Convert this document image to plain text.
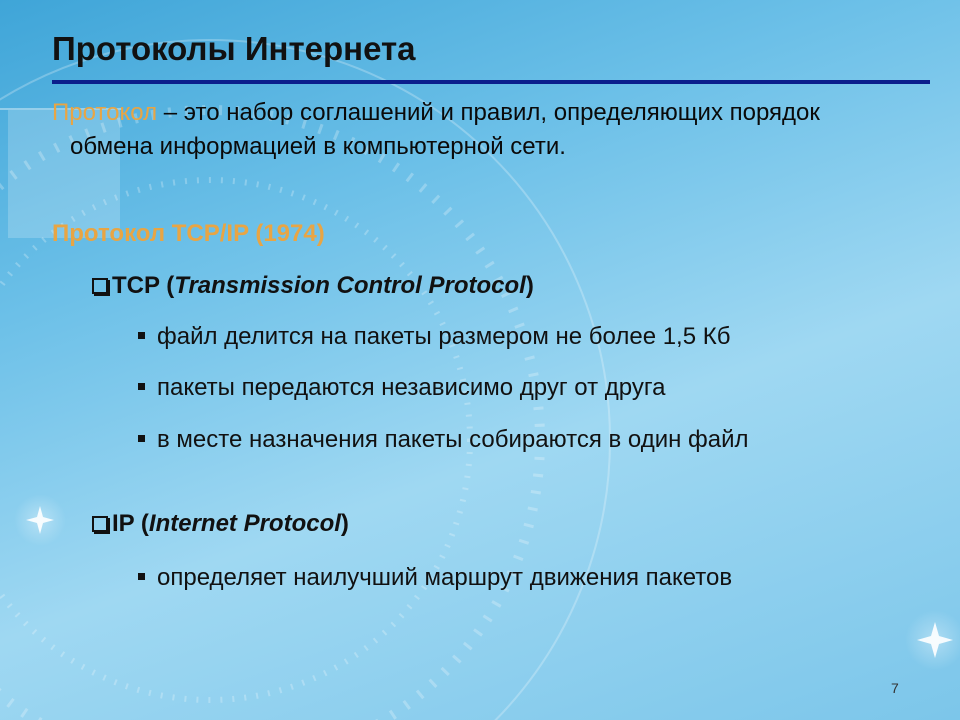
Протоколы Интернета

Протокол – это набор соглашений и правил, определяющих порядок обмена информацией в компьютерной сети.

Протокол TCP/IP (1974)

TCP (Transmission Control Protocol)

файл делится на пакеты размером не более 1,5 Кб

пакеты передаются независимо друг от друга

в месте назначения пакеты собираются в один файл

IP (Internet Protocol)

определяет наилучший маршрут движения пакетов

7
